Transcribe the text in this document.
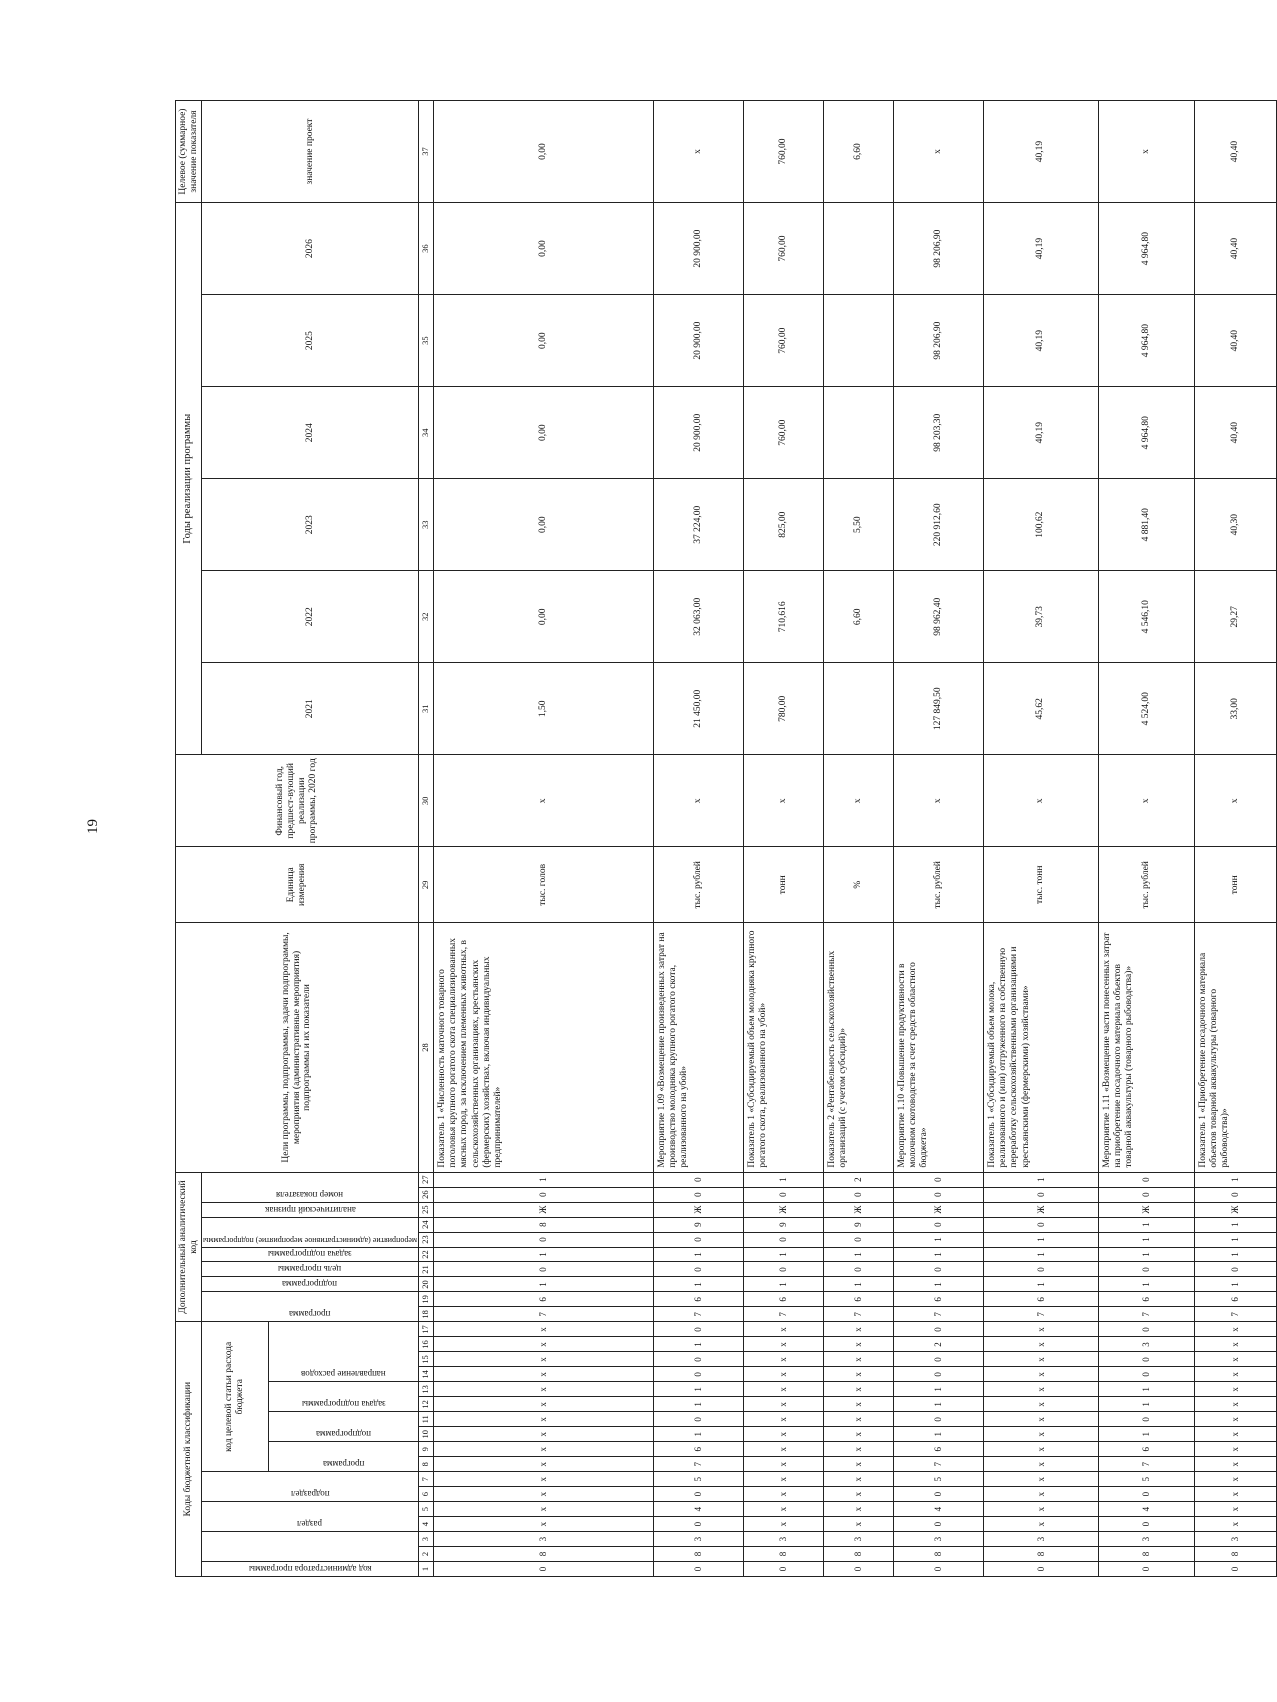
19
Коды бюджетной классификации																	Дополнительный аналитический код										Цели программы, подпрограммы, задачи подпрограммы, мероприятия (административные мероприятия) подпрограммы и их показатели	Единица измерения	Финансовый год, предшест-вующий реализации программы, 2020 год	Годы реализации программы						Целевое (суммарное) значение показателя

код администратора программы			раздел		подраздел		код целевой статьи расхода бюджета										программа		подпрограмма	цель программы	задача подпрограммы	мероприятие (административное мероприятие) подпрограммы		аналитический признак	номер показателя					2021	2022	2023	2024	2025	2026	значение проект

							программа		подпрограмма		задача подпрограммы		направление расходов																							

1	2	3	4	5	6	7	8	9	10	11	12	13	14	15	16	17	18	19	20	21	22	23	24	25	26	27	28	29	30	31	32	33	34	35	36	37
0	8	3	х	х	х	х	х	х	х	х	х	х	х	х	х	х	7	6	1	0	1	0	8	Ж	0	1	Показатель 1 «Численность маточного товарного поголовья крупного рогатого скота специализированных мясных пород, за исключением племенных животных, в сельскохозяйственных организациях, крестьянских (фермерских) хозяйствах, включая индивидуальных предпринимателей»	тыс. голов	х	1,50	0,00	0,00	0,00	0,00	0,00	0,00
0	8	3	0	4	0	5	7	6	1	0	1	1	0	0	1	0	7	6	1	0	1	0	9	Ж	0	0	Мероприятие 1.09 «Возмещение произведенных затрат на производство молодняка крупного рогатого скота, реализованного на убой»	тыс. рублей	х	21 450,00	32 063,00	37 224,00	20 900,00	20 900,00	20 900,00	х
0	8	3	х	х	х	х	х	х	х	х	х	х	х	х	х	х	7	6	1	0	1	0	9	Ж	0	1	Показатель 1 «Субсидируемый объем молодняка крупного рогатого скота, реализованного на убой»	тонн	х	780,00	710,616	825,00	760,00	760,00	760,00	760,00
0	8	3	х	х	х	х	х	х	х	х	х	х	х	х	х	х	7	6	1	0	1	0	9	Ж	0	2	Показатель 2 «Рентабельность сельскохозяйственных организаций (с учетом субсидий)»	%	х		6,60	5,50				6,60
0	8	3	0	4	0	5	7	6	1	0	1	1	0	0	2	0	7	6	1	0	1	1	0	Ж	0	0	Мероприятие 1.10 «Повышение продуктивности в молочном скотоводстве за счет средств областного бюджета»	тыс. рублей	х	127 849,50	98 962,40	220 912,60	98 203,30	98 206,90	98 206,90	х
0	8	3	х	х	х	х	х	х	х	х	х	х	х	х	х	х	7	6	1	0	1	1	0	Ж	0	1	Показатель 1 «Субсидируемый объем молока, реализованного и (или) отгруженного на собственную переработку сельскохозяйственными организациями и крестьянскими (фермерскими) хозяйствами»	тыс. тонн	х	45,62	39,73	100,62	40,19	40,19	40,19	40,19
0	8	3	0	4	0	5	7	6	1	0	1	1	0	0	3	0	7	6	1	0	1	1	1	Ж	0	0	Мероприятие 1.11 «Возмещение части понесенных затрат на приобретение посадочного материала объектов товарной аквакультуры (товарного рыбоводства)»	тыс. рублей	х	4 524,00	4 546,10	4 881,40	4 964,80	4 964,80	4 964,80	х
0	8	3	х	х	х	х	х	х	х	х	х	х	х	х	х	х	7	6	1	0	1	1	1	Ж	0	1	Показатель 1 «Приобретение посадочного материала объектов товарной аквакультуры (товарного рыбоводства)»	тонн	х	33,00	29,27	40,30	40,40	40,40	40,40	40,40
